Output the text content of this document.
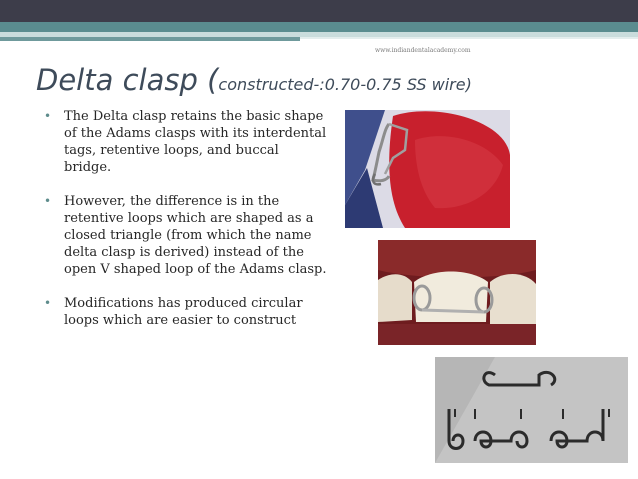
www.indiandentalacademy.com
Delta clasp (constructed-:0.70-0.75 SS wire)
• The Delta clasp retains the basic shape of the Adams clasps with its interdental tags, retentive loops, and buccal bridge.
• However, the difference is in the retentive loops which are shaped as a closed triangle (from which the name delta clasp is derived) instead of the open V shaped loop of the Adams clasp.
• Modifications has produced circular loops which are easier to construct
